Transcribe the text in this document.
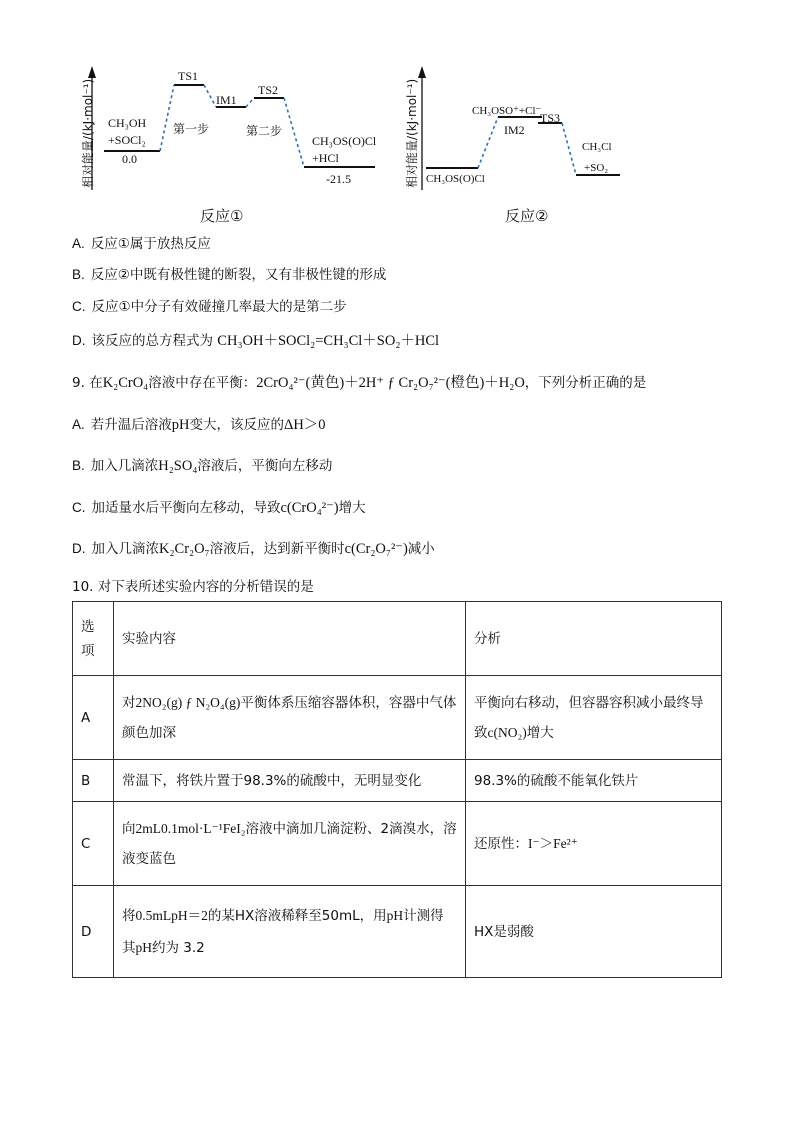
相对能量/(kJ·mol⁻¹)
TS1
IM1
TS2
CH₃OH
+SOCl₂
0.0
第一步	第二步
CH₃OS(O)Cl
+HCl
-21.5
反应①
相对能量/(kJ·mol⁻¹) CH₃OS(O)Cl
CH₃OSO⁺+Cl⁻
IM2
TS3
CH₃Cl
+SO₂
反应②
A. 反应①属于放热反应
B. 反应②中既有极性键的断裂，又有非极性键的形成
C. 反应①中分子有效碰撞几率最大的是第二步
D. 该反应的总方程式为 CH₃OH＋SOCl₂=CH₃Cl＋SO₂＋HCl
9. 在K₂CrO₄溶液中存在平衡：2CrO₄²⁻(黄色)＋2H⁺ ƒ Cr₂O₇²⁻(橙色)＋H₂O，下列分析正确的是
A. 若升温后溶液pH变大，该反应的ΔH＞0
B. 加入几滴浓H₂SO₄溶液后，平衡向左移动
C. 加适量水后平衡向左移动，导致c(CrO₄²⁻)增大
D. 加入几滴浓K₂Cr₂O₇溶液后，达到新平衡时c(Cr₂O₇²⁻)减小
10. 对下表所述实验内容的分析错误的是
选项	实验内容	分析
A	对2NO₂(g) ƒ N₂O₄(g)平衡体系压缩容器体积，容器中气体颜色加深	平衡向右移动，但容器容积减小最终导致c(NO₂)增大
B	常温下，将铁片置于98.3%的硫酸中，无明显变化	98.3%的硫酸不能氧化铁片
C	向2mL0.1mol·L⁻¹FeI₂溶液中滴加几滴淀粉、2滴溴水，溶液变蓝色	还原性：I⁻＞Fe²⁺
D	将0.5mLpH＝2的某HX溶液稀释至50mL，用pH计测得其pH约为 3.2	HX是弱酸
